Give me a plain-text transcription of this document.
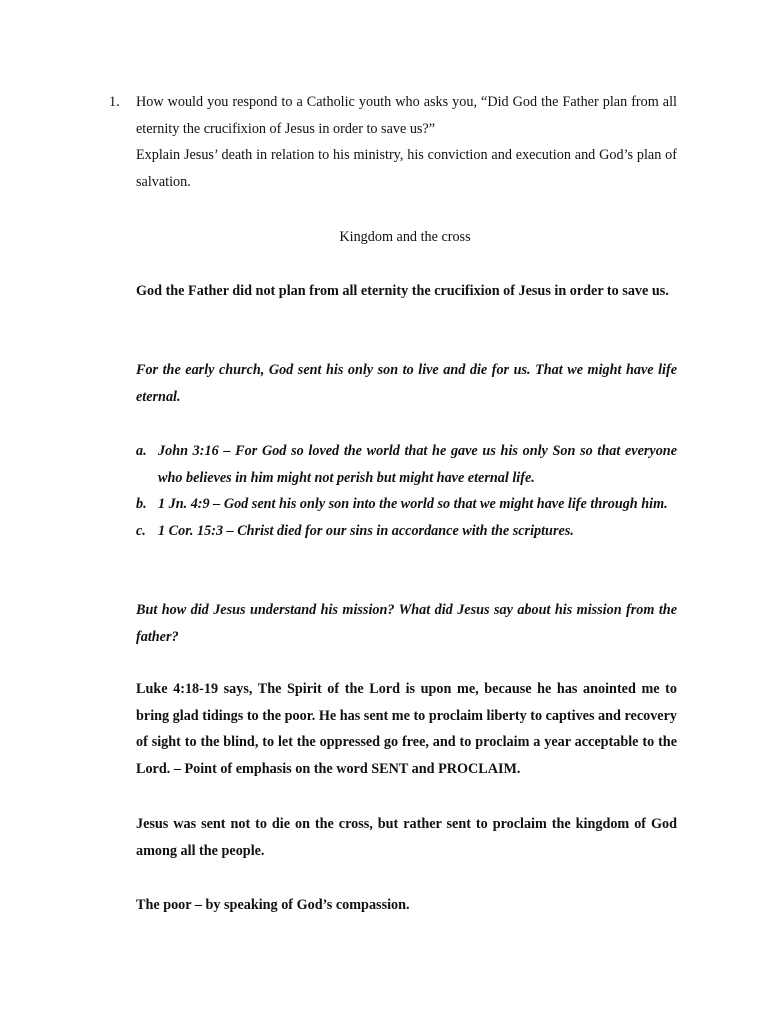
1. How would you respond to a Catholic youth who asks you, “Did God the Father plan from all eternity the crucifixion of Jesus in order to save us?”

Explain Jesus’ death in relation to his ministry, his conviction and execution and God’s plan of salvation.

Kingdom and the cross

God the Father did not plan from all eternity the crucifixion of Jesus in order to save us.

For the early church, God sent his only son to live and die for us. That we might have life eternal.

a. John 3:16 – For God so loved the world that he gave us his only Son so that everyone who believes in him might not perish but might have eternal life.
b. 1 Jn. 4:9 – God sent his only son into the world so that we might have life through him.
c. 1 Cor. 15:3 – Christ died for our sins in accordance with the scriptures.

But how did Jesus understand his mission? What did Jesus say about his mission from the father?

Luke 4:18-19 says, The Spirit of the Lord is upon me, because he has anointed me to bring glad tidings to the poor. He has sent me to proclaim liberty to captives and recovery of sight to the blind, to let the oppressed go free, and to proclaim a year acceptable to the Lord. – Point of emphasis on the word SENT and PROCLAIM.

Jesus was sent not to die on the cross, but rather sent to proclaim the kingdom of God among all the people.

The poor – by speaking of God’s compassion.
